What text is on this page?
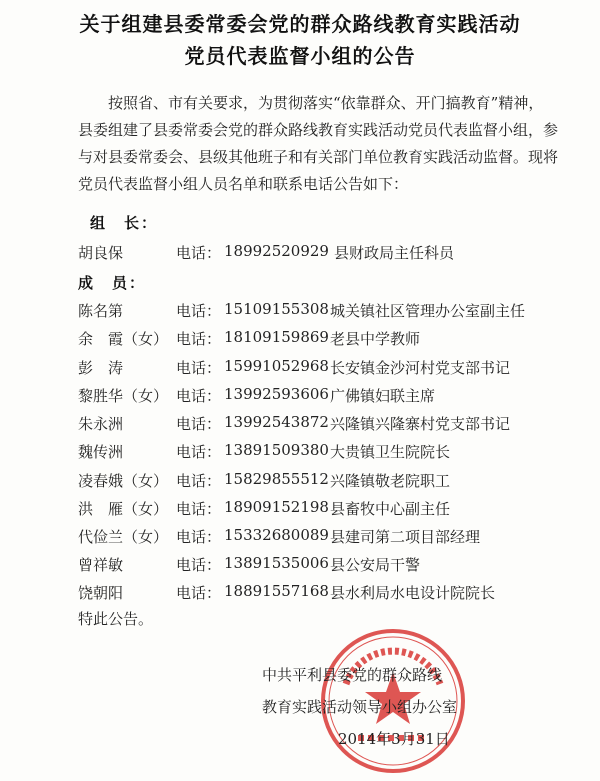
关于组建县委常委会党的群众路线教育实践活动
党员代表监督小组的公告
按照省、市有关要求，为贯彻落实“依靠群众、开门搞教育”精神，县委组建了县委常委会党的群众路线教育实践活动党员代表监督小组，参与对县委常委会、县级其他班子和有关部门单位教育实践活动监督。现将党员代表监督小组人员名单和联系电话公告如下：
组　长：
胡良保	电话： 18992520929 县财政局主任科员
成　员：
陈名第	电话： 15109155308 城关镇社区管理办公室副主任
余　霞（女） 电话： 18109159869 老县中学教师
彭　涛	电话： 15991052968 长安镇金沙河村党支部书记
黎胜华（女） 电话： 13992593606 广佛镇妇联主席
朱永洲	电话： 13992543872 兴隆镇兴隆寨村党支部书记
魏传洲	电话： 13891509380 大贵镇卫生院院长
凌春娥（女） 电话： 15829855512 兴隆镇敬老院职工
洪　雁（女） 电话： 18909152198 县畜牧中心副主任
代俭兰（女） 电话： 15332680089 县建司第二项目部经理
曾祥敏	电话： 13891535006 县公安局干警
饶朝阳	电话： 18891557168 县水利局水电设计院院长
特此公告。
中共平利县委党的群众路线
教育实践活动领导小组办公室
2014年3月31日
